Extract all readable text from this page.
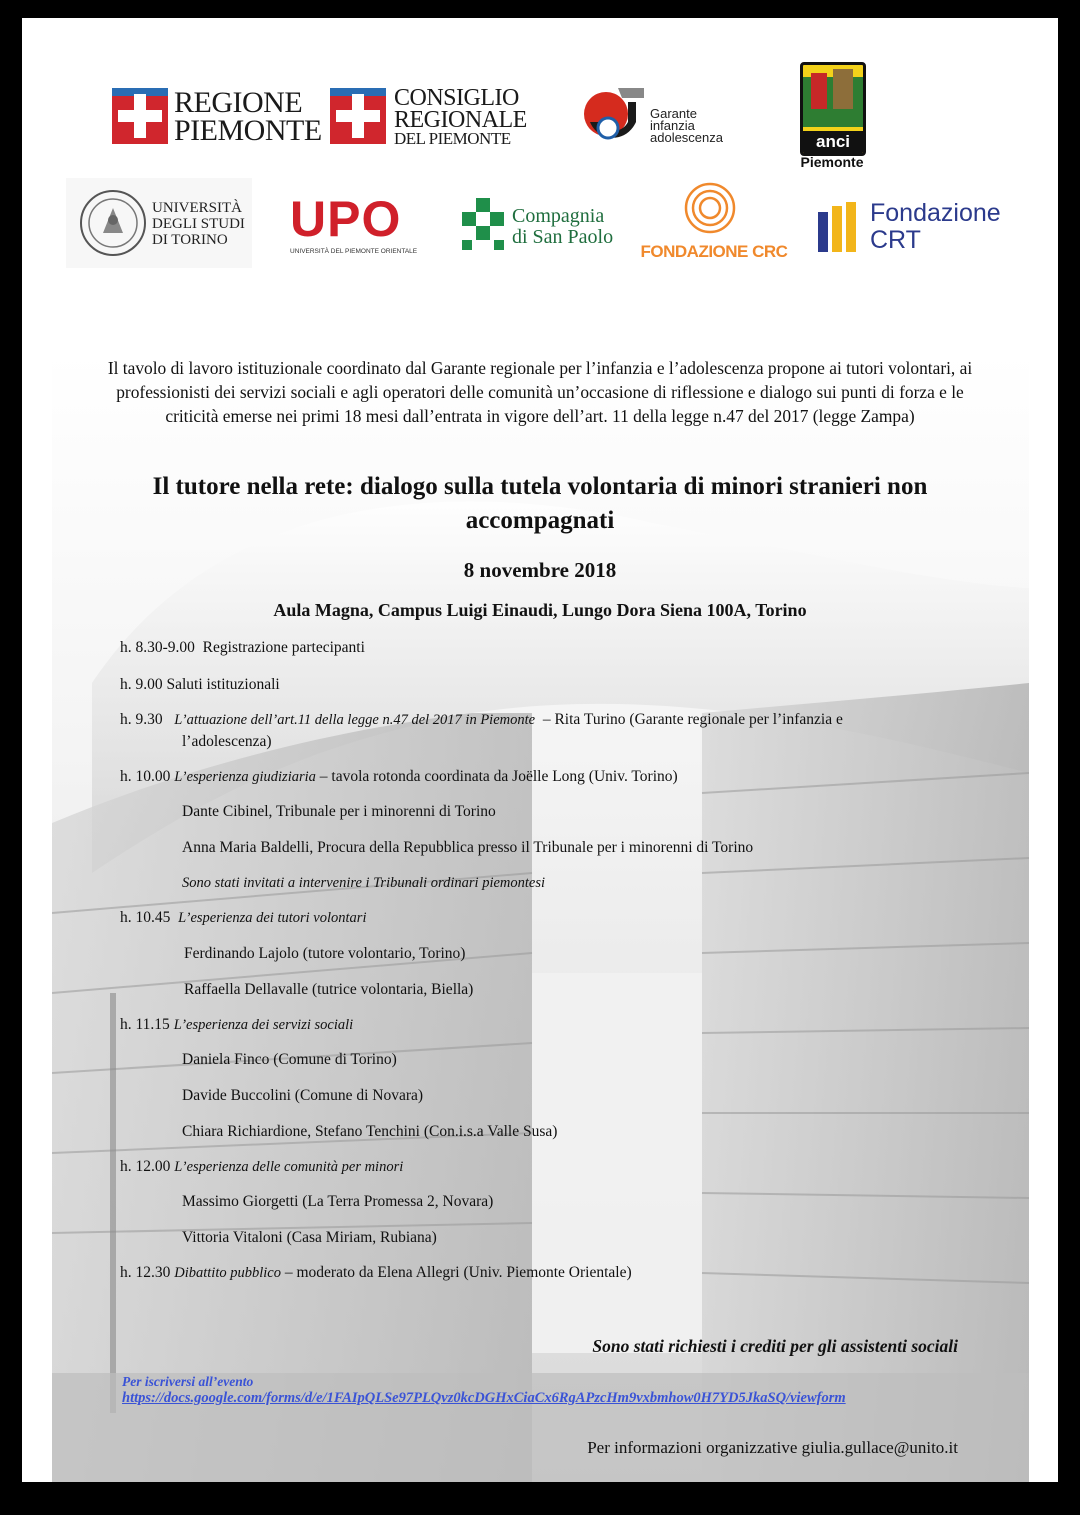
REGIONE
PIEMONTE
CONSIGLIO
REGIONALE
DEL PIEMONTE
Garante
infanzia
adolescenza	anci
Piemonte
UNIVERSITÀ
DEGLI STUDI
DI TORINO	UPO
UNIVERSITÀ DEL PIEMONTE ORIENTALE
Compagnia
di San Paolo
FONDAZIONE CRC
Fondazione
CRT
Il tavolo di lavoro istituzionale coordinato dal Garante regionale per l’infanzia e l’adolescenza propone ai tutori volontari, ai professionisti dei servizi sociali e agli operatori delle comunità un’occasione di riflessione e dialogo sui punti di forza e le criticità emerse nei primi 18 mesi dall’entrata in vigore dell’art. 11 della legge n.47 del 2017 (legge Zampa)
Il tutore nella rete: dialogo sulla tutela volontaria di minori stranieri non accompagnati
8 novembre 2018
Aula Magna, Campus Luigi Einaudi, Lungo Dora Siena 100A, Torino
h. 8.30-9.00 Registrazione partecipanti
h. 9.00 Saluti istituzionali
h. 9.30 L’attuazione dell’art.11 della legge n.47 del 2017 in Piemonte – Rita Turino (Garante regionale per l’infanzia e
l’adolescenza)
h. 10.00 L’esperienza giudiziaria – tavola rotonda coordinata da Joëlle Long (Univ. Torino)
Dante Cibinel, Tribunale per i minorenni di Torino
Anna Maria Baldelli, Procura della Repubblica presso il Tribunale per i minorenni di Torino
Sono stati invitati a intervenire i Tribunali ordinari piemontesi
h. 10.45 L’esperienza dei tutori volontari
Ferdinando Lajolo (tutore volontario, Torino)
Raffaella Dellavalle (tutrice volontaria, Biella)
h. 11.15 L’esperienza dei servizi sociali
Daniela Finco (Comune di Torino)
Davide Buccolini (Comune di Novara)
Chiara Richiardione, Stefano Tenchini (Con.i.s.a Valle Susa)
h. 12.00 L’esperienza delle comunità per minori
Massimo Giorgetti (La Terra Promessa 2, Novara)
Vittoria Vitaloni (Casa Miriam, Rubiana)
h. 12.30 Dibattito pubblico – moderato da Elena Allegri (Univ. Piemonte Orientale)
Sono stati richiesti i crediti per gli assistenti sociali
Per iscriversi all’evento
https://docs.google.com/forms/d/e/1FAIpQLSe97PLQvz0kcDGHxCiaCx6RgAPzcHm9vxbmhow0H7YD5JkaSQ/viewform
Per informazioni organizzative giulia.gullace@unito.it
